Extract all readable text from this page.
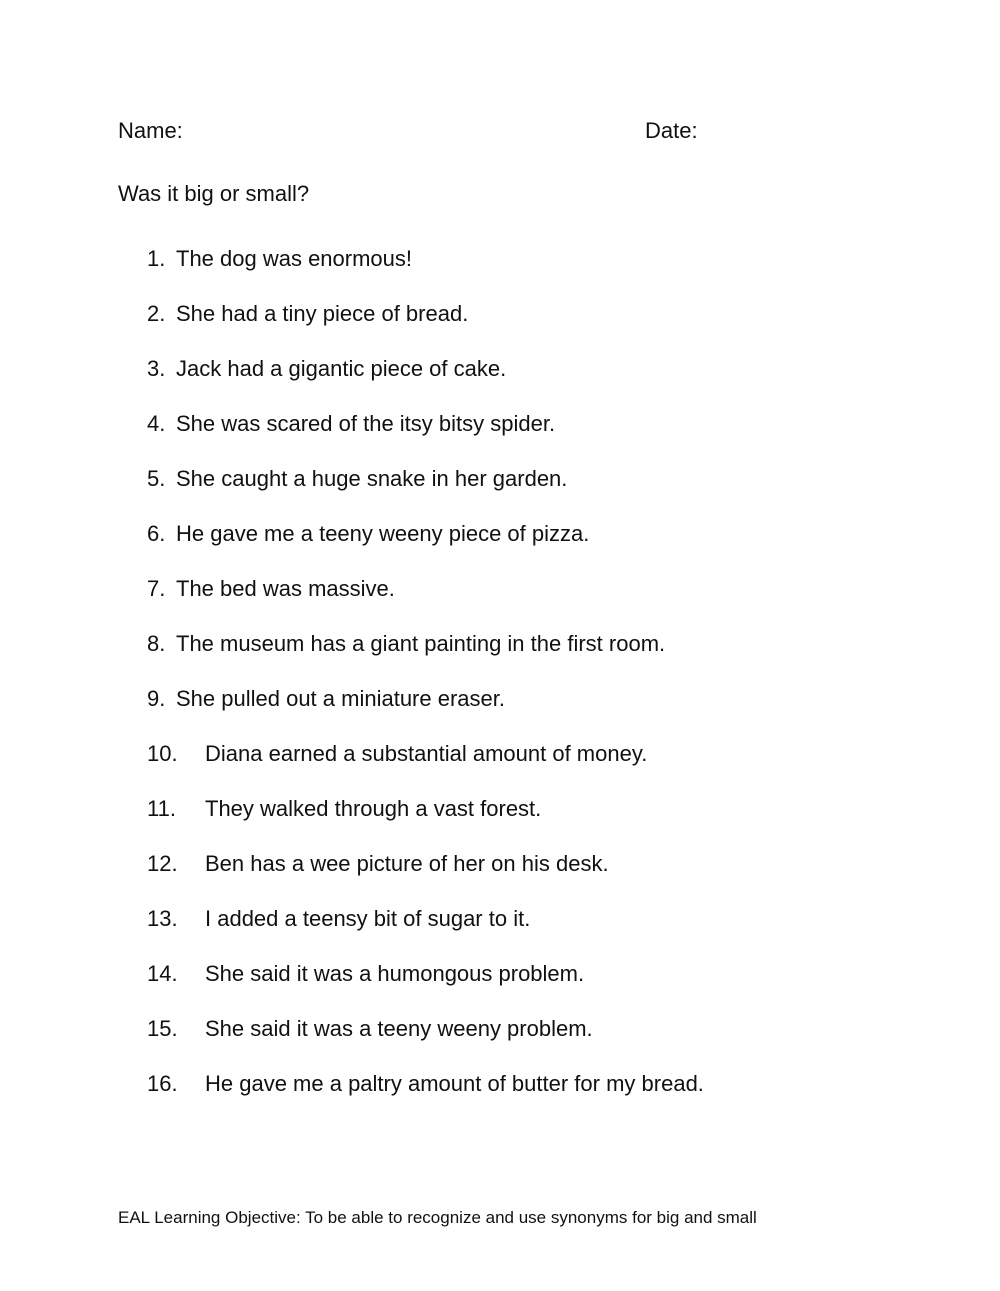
Name:	Date:
Was it big or small?
1. The dog was enormous!
2. She had a tiny piece of bread.
3. Jack had a gigantic piece of cake.
4. She was scared of the itsy bitsy spider.
5. She caught a huge snake in her garden.
6. He gave me a teeny weeny piece of pizza.
7. The bed was massive.
8. The museum has a giant painting in the first room.
9. She pulled out a miniature eraser.
10. Diana earned a substantial amount of money.
11. They walked through a vast forest.
12. Ben has a wee picture of her on his desk.
13. I added a teensy bit of sugar to it.
14. She said it was a humongous problem.
15. She said it was a teeny weeny problem.
16. He gave me a paltry amount of butter for my bread.
EAL Learning Objective: To be able to recognize and use synonyms for big and small
